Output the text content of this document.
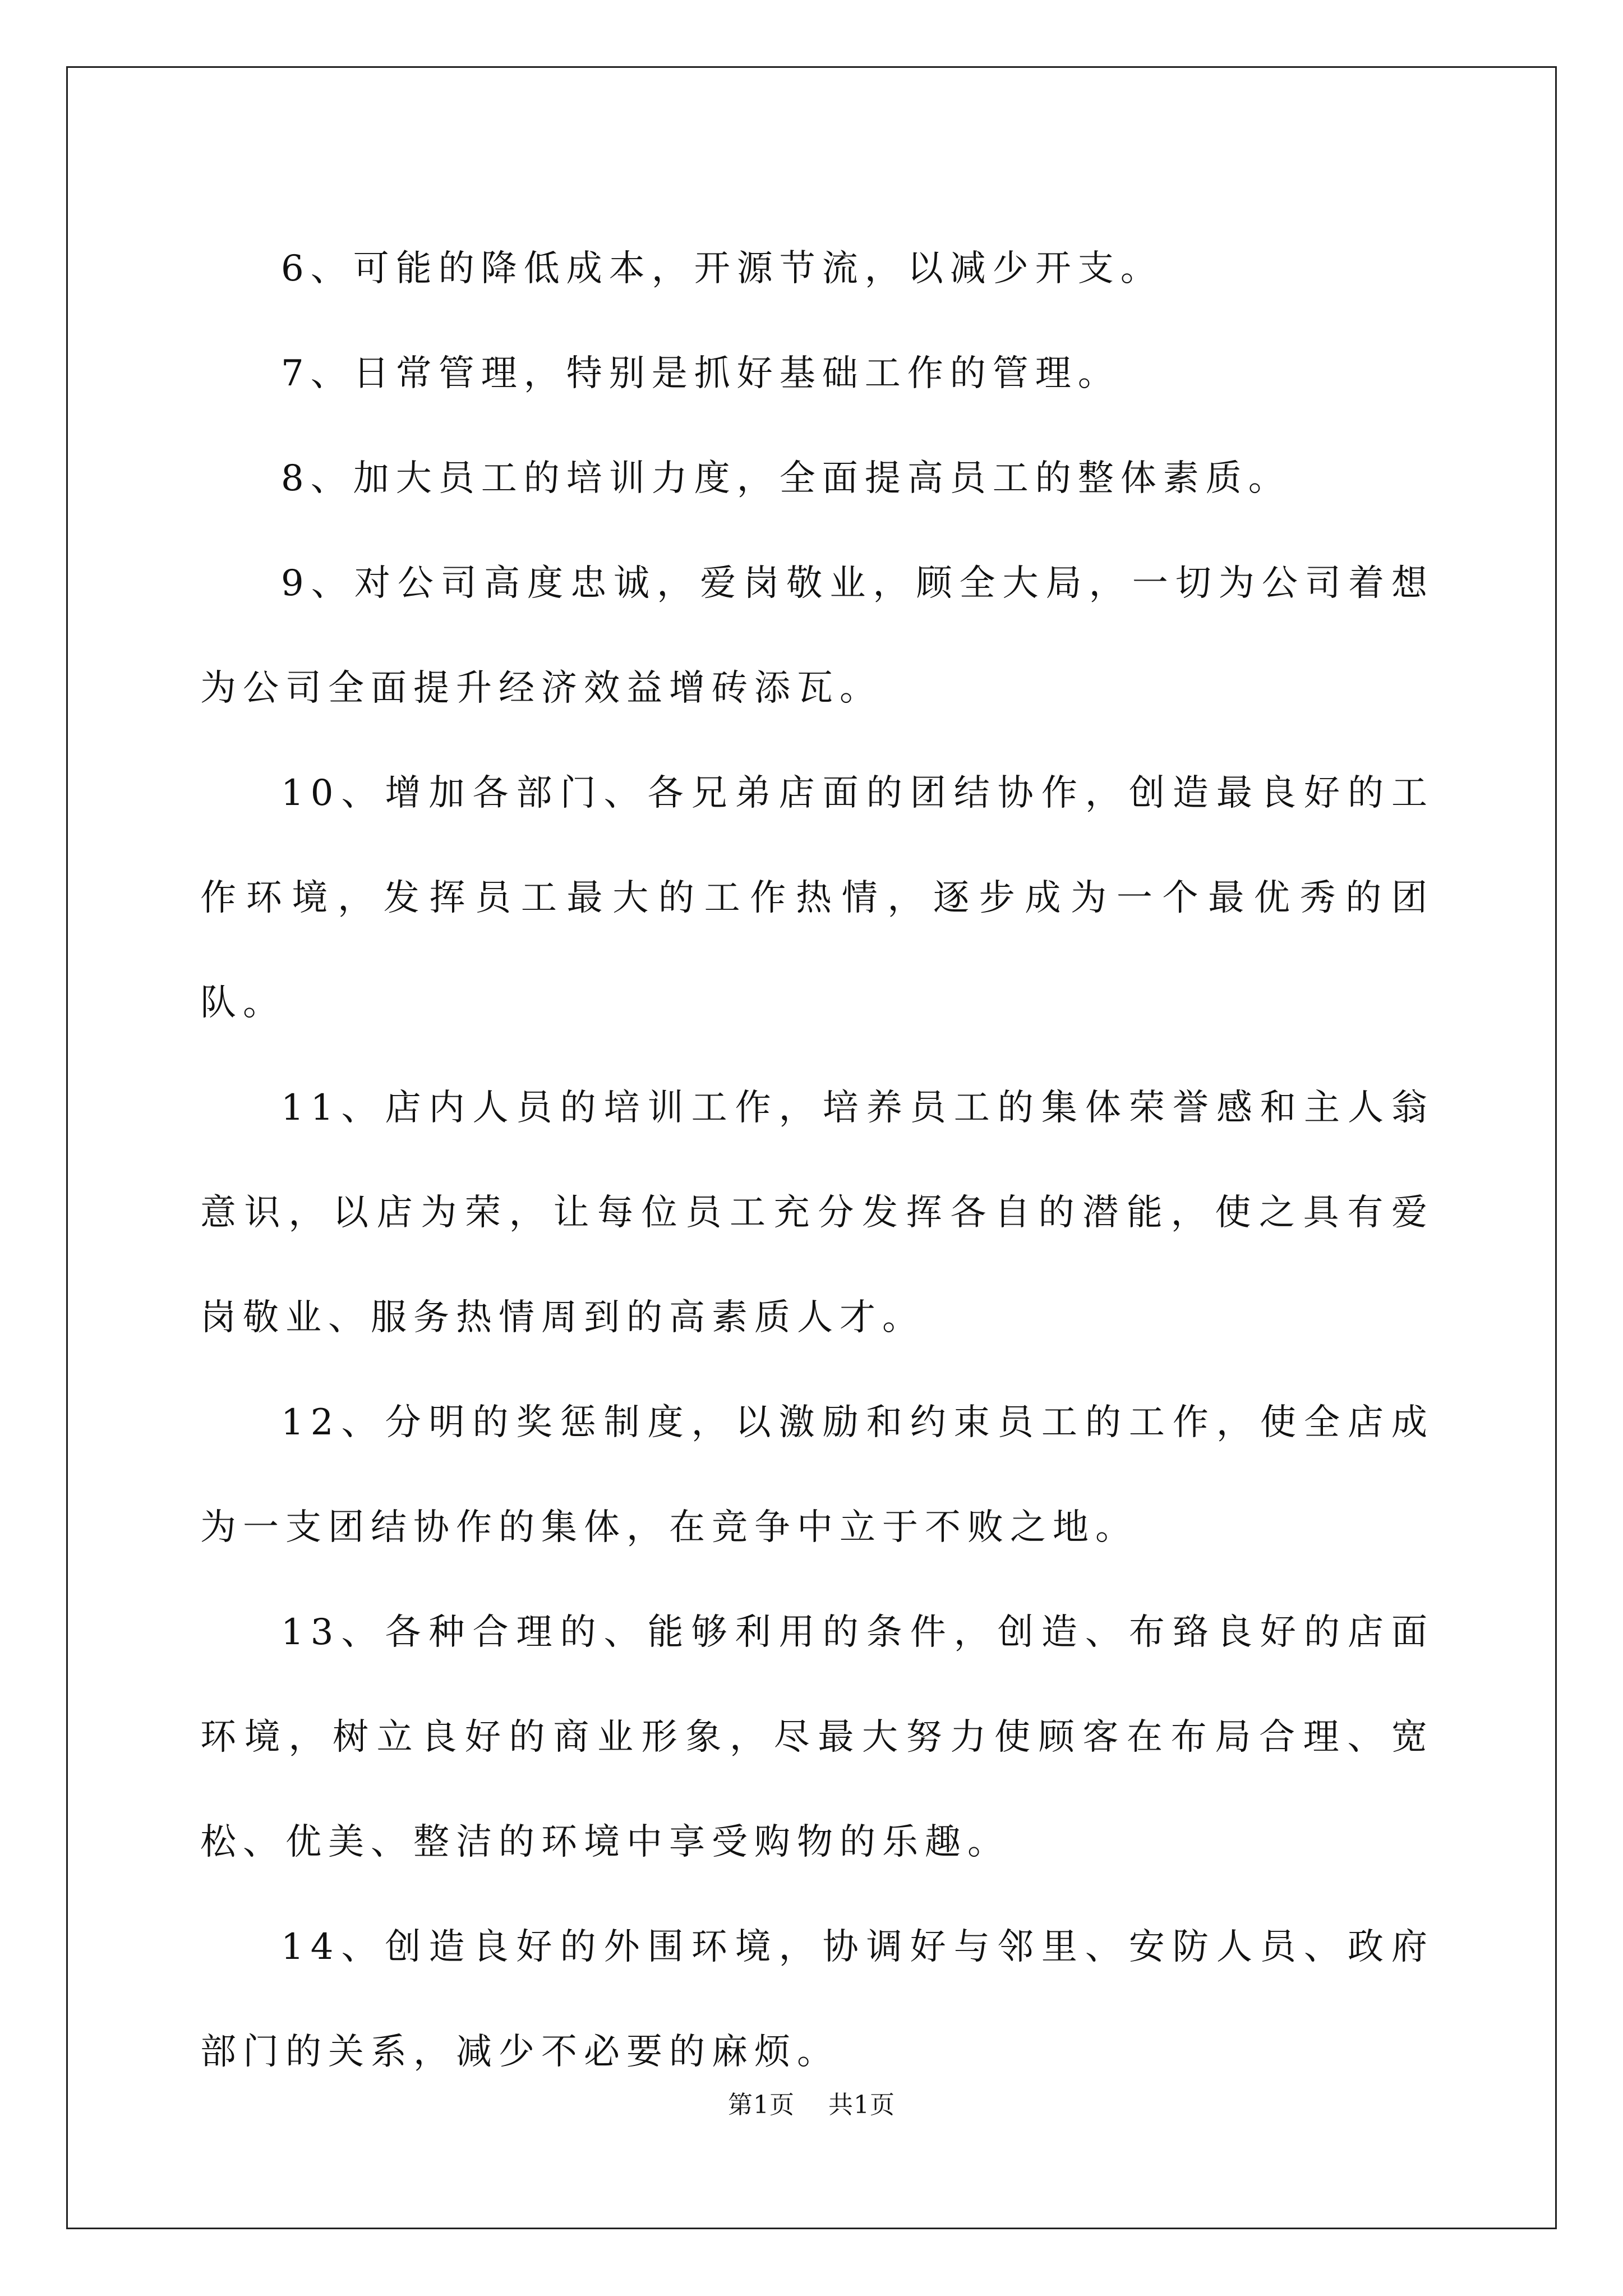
6、可能的降低成本，开源节流，以减少开支。

7、日常管理，特别是抓好基础工作的管理。

8、加大员工的培训力度，全面提高员工的整体素质。

9、对公司高度忠诚，爱岗敬业，顾全大局，一切为公司着想为公司全面提升经济效益增砖添瓦。

10、增加各部门、各兄弟店面的团结协作，创造最良好的工作环境，发挥员工最大的工作热情，逐步成为一个最优秀的团队。

11、店内人员的培训工作，培养员工的集体荣誉感和主人翁意识，以店为荣，让每位员工充分发挥各自的潜能，使之具有爱岗敬业、服务热情周到的高素质人才。

12、分明的奖惩制度，以激励和约束员工的工作，使全店成为一支团结协作的集体，在竞争中立于不败之地。

13、各种合理的、能够利用的条件，创造、布臵良好的店面环境，树立良好的商业形象，尽最大努力使顾客在布局合理、宽松、优美、整洁的环境中享受购物的乐趣。

14、创造良好的外围环境，协调好与邻里、安防人员、政府部门的关系，减少不必要的麻烦。

第1页 共1页
